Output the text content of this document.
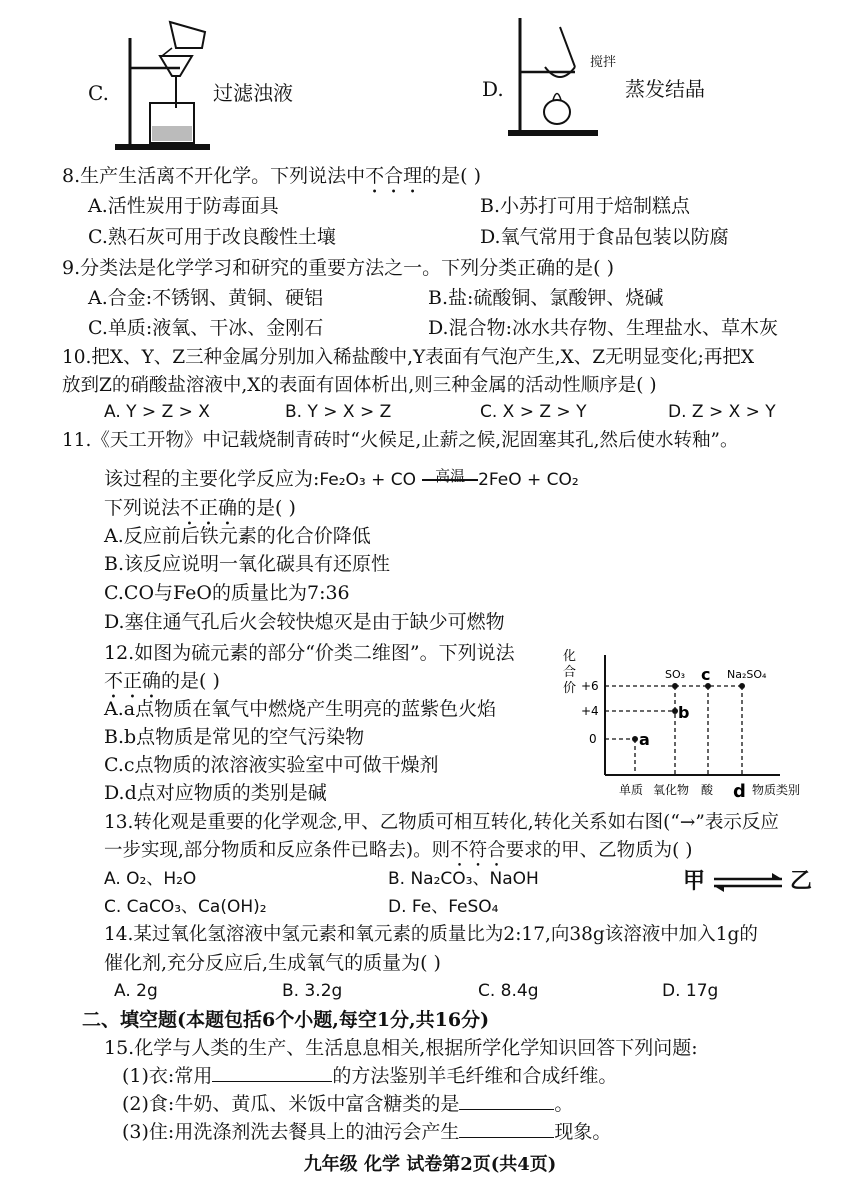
C.	过滤浊液	D.
搅拌
蒸发结晶
8.生产生活离不开化学。下列说法中不合理的是( )
A.活性炭用于防毒面具	B.小苏打可用于焙制糕点
C.熟石灰可用于改良酸性土壤	D.氧气常用于食品包装以防腐
9.分类法是化学学习和研究的重要方法之一。下列分类正确的是( )
A.合金:不锈钢、黄铜、硬铝	B.盐:硫酸铜、氯酸钾、烧碱
C.单质:液氧、干冰、金刚石	D.混合物:冰水共存物、生理盐水、草木灰
10.把X、Y、Z三种金属分别加入稀盐酸中,Y表面有气泡产生,X、Z无明显变化;再把X
放到Z的硝酸盐溶液中,X的表面有固体析出,则三种金属的活动性顺序是( )
A. Y > Z > X	B. Y > X > Z	C. X > Z > Y	D. Z > X > Y
11.《天工开物》中记载烧制青砖时“火候足,止薪之候,泥固塞其孔,然后使水转釉”。
该过程的主要化学反应为:Fe₂O₃ + CO	高温 2FeO + CO₂
下列说法不正确的是( )
A.反应前后铁元素的化合价降低
B.该反应说明一氧化碳具有还原性
C.CO与FeO的质量比为7:36
D.塞住通气孔后火会较快熄灭是由于缺少可燃物
12.如图为硫元素的部分“价类二维图”。下列说法
不正确的是( )
A.a点物质在氧气中燃烧产生明亮的蓝紫色火焰
B.b点物质是常见的空气污染物
C.c点物质的浓溶液实验室中可做干燥剂
D.d点对应物质的类别是碱
化
合
价 +6
+4
0	a
b
SO₃ c Na₂SO₄
单质 氧化物 酸 d 物质类别
13.转化观是重要的化学观念,甲、乙物质可相互转化,转化关系如右图(“→”表示反应
一步实现,部分物质和反应条件已略去)。则不符合要求的甲、乙物质为( )
A. O₂、H₂O	B. Na₂CO₃、NaOH
C. CaCO₃、Ca(OH)₂	D. Fe、FeSO₄
甲	乙
14.某过氧化氢溶液中氢元素和氧元素的质量比为2:17,向38g该溶液中加入1g的
催化剂,充分反应后,生成氧气的质量为( )
A. 2g	B. 3.2g	C. 8.4g	D. 17g
二、填空题(本题包括6个小题,每空1分,共16分)
15.化学与人类的生产、生活息息相关,根据所学化学知识回答下列问题:
(1)衣:常用	的方法鉴别羊毛纤维和合成纤维。
(2)食:牛奶、黄瓜、米饭中富含糖类的是	。
(3)住:用洗涤剂洗去餐具上的油污会产生	现象。
九年级 化学 试卷第2页(共4页)
